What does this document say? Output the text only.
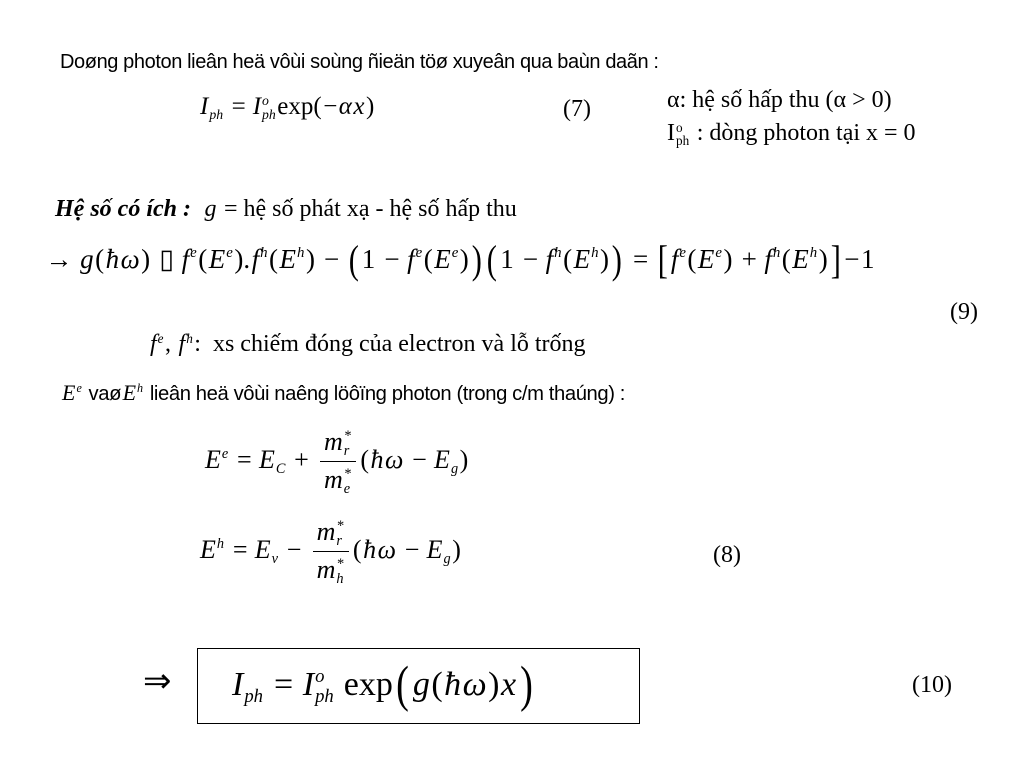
Doøng photon lieân heä vôùi soùng ñieän töø xuyeân qua baùn daãn :
I ph = I o
ph exp(−αx)	(7)	α: hệ số hấp thu (α > 0)
I o
ph : dòng photon tại x = 0
Hệ số có ích :  g = hệ số phát xạ - hệ số hấp thu
→ g(ħω) ▯ f e (E e ).f h (E h ) − ( 1 − f e (E e )) ( 1 − f h (E h )) = [ f e (E e ) + f h (E h )] −1
(9)
f e , f h :  xs chiếm đóng của electron và lỗ trống
E e vaøE h lieân heä vôùi naêng löôïng photon (trong c/m thaúng) :
E e = E C + m *
r
m *
e (ħω − E g )
E h = E v − m *
r
m *
h (ħω − E g )	(8)
⇒ I ph = I o
ph exp( g(ħω)x)	(10)
